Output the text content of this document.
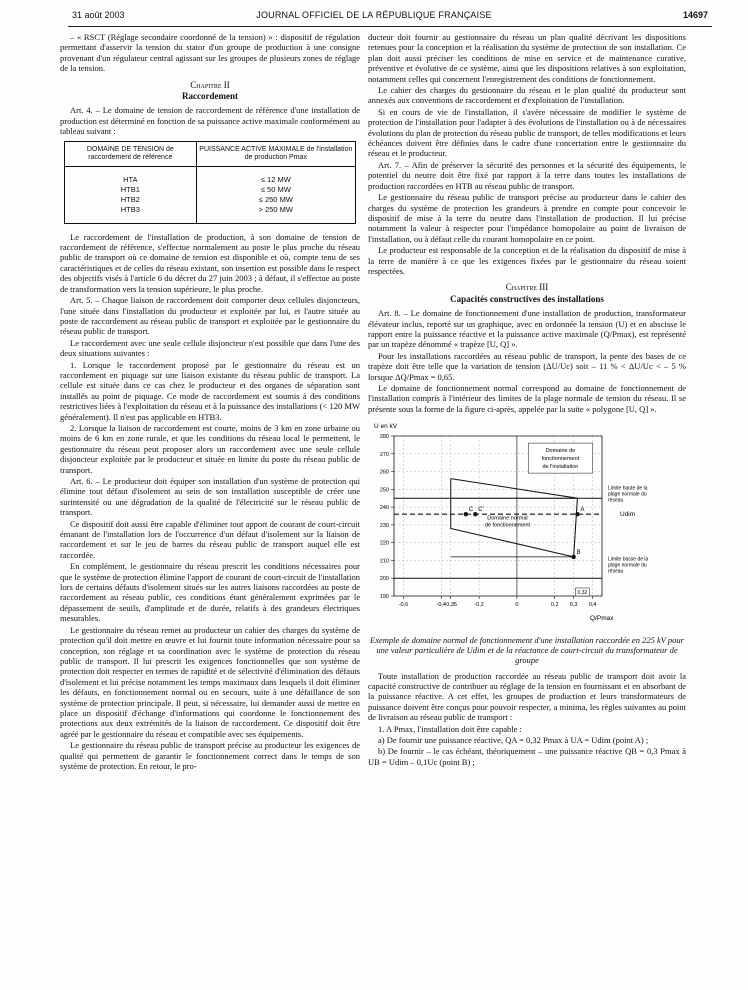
31 août 2003	JOURNAL OFFICIEL DE LA RÉPUBLIQUE FRANÇAISE	14697

– « RSCT (Réglage secondaire coordonné de la tension) » : dispositif de régulation permettant d'asservir la tension du stator d'un groupe de production à une consigne provenant d'un régulateur central agissant sur les groupes de plusieurs zones de réglage de la tension.

Chapitre II
Raccordement

Art. 4. – Le domaine de tension de raccordement de référence d'une installation de production est déterminé en fonction de sa puissance active maximale conformément au tableau suivant :

DOMAINE DE TENSION de raccordement de référence	PUISSANCE ACTIVE MAXIMALE de l'installation de production Pmax
HTA	≤ 12 MW
HTB1	≤ 50 MW
HTB2	≤ 250 MW
HTB3	> 250 MW

Le raccordement de l'installation de production, à son domaine de tension de raccordement de référence, s'effectue normalement au poste le plus proche du réseau public de transport où ce domaine de tension est disponible et où, compte tenu de ses caractéristiques et de celles du réseau existant, son insertion est possible dans le respect des objectifs visés à l'article 6 du décret du 27 juin 2003 ; à défaut, il s'effectue au poste de transformation vers la tension supérieure, le plus proche.

Art. 5. – Chaque liaison de raccordement doit comporter deux cellules disjoncteurs, l'une située dans l'installation du producteur et exploitée par lui, et l'autre située au poste de raccordement au réseau public de transport et exploitée par le gestionnaire du réseau public de transport.

Le raccordement avec une seule cellule disjoncteur n'est possible que dans l'une des deux situations suivantes :

1. Lorsque le raccordement proposé par le gestionnaire du réseau est un raccordement en piquage sur une liaison existante du réseau public de transport. La cellule est située dans ce cas chez le producteur et des organes de séparation sont installés au point de piquage. Ce mode de raccordement est soumis à des conditions restrictives liées à l'exploitation du réseau et à la puissance des installations (< 120 MW généralement). Il n'est pas applicable en HTB3.

2. Lorsque la liaison de raccordement est courte, moins de 3 km en zone urbaine ou moins de 6 km en zone rurale, et que les conditions du réseau local le permettent, le gestionnaire du réseau peut proposer alors un raccordement avec une seule cellule disjoncteur exploitée par le producteur et située en limite du poste du réseau public de transport.

Art. 6. – Le producteur doit équiper son installation d'un système de protection qui élimine tout défaut d'isolement au sein de son installation susceptible de créer une surintensité ou une dégradation de la qualité de l'électricité sur le réseau public de transport.

Ce dispositif doit aussi être capable d'éliminer tout apport de courant de court-circuit émanant de l'installation lors de l'occurrence d'un défaut d'isolement sur la liaison de raccordement et sur le jeu de barres du réseau public de transport auquel elle est raccordée.

En complément, le gestionnaire du réseau prescrit les conditions nécessaires pour que le système de protection élimine l'apport de courant de court-circuit de l'installation lors de certains défauts d'isolement situés sur les autres liaisons raccordées au poste de raccordement au réseau public, ces conditions étant généralement exprimées par le dépassement de seuils, d'amplitude et de durée, relatifs à des grandeurs électriques mesurables.

Le gestionnaire du réseau remet au producteur un cahier des charges du système de protection qu'il doit mettre en œuvre et lui fournit toute information nécessaire pour sa conception, son réglage et sa coordination avec le système de protection du réseau public de transport. Il lui prescrit les exigences fonctionnelles que son système de protection doit respecter en termes de rapidité et de sélectivité d'élimination des défauts d'isolement et lui précise notamment les temps maximaux dans lesquels il doit éliminer les défauts, en fonctionnement normal ou en secours, suite à une défaillance de son système de protection principale. Il peut, si nécessaire, lui demander aussi de mettre en place un dispositif d'échange d'informations qui coordonne le fonctionnement des protections aux deux extrémités de la liaison de raccordement. Ce dispositif doit être agréé par le gestionnaire du réseau et compatible avec ses équipements.

Le gestionnaire du réseau public de transport précise au producteur les exigences de qualité qui permettent de garantir le fonctionnement correct dans le temps de son système de protection. En retour, le pro-

ducteur doit fournir au gestionnaire du réseau un plan qualité décrivant les dispositions retenues pour la conception et la réalisation du système de protection de son installation. Ce plan doit aussi préciser les conditions de mise en service et de maintenance curative, préventive et évolutive de ce système, ainsi que les dispositions relatives à son exploitation, notamment celles qui concernent l'enregistrement des conditions de fonctionnement.

Le cahier des charges du gestionnaire du réseau et le plan qualité du producteur sont annexés aux conventions de raccordement et d'exploitation de l'installation.

Si en cours de vie de l'installation, il s'avère nécessaire de modifier le système de protection de l'installation pour l'adapter à des évolutions de l'installation ou à de nécessaires évolutions du plan de protection du réseau public de transport, de telles modifications et leurs échéances doivent être définies dans le cadre d'une concertation entre le gestionnaire du réseau et le producteur.

Art. 7. – Afin de préserver la sécurité des personnes et la sécurité des équipements, le potentiel du neutre doit être fixé par rapport à la terre dans toutes les installations de production raccordées en HTB au réseau public de transport.

Le gestionnaire du réseau public de transport précise au producteur dans le cahier des charges du système de protection les grandeurs à prendre en compte pour concevoir le dispositif de mise à la terre du neutre dans l'installation de production. Il lui précise notamment la valeur à respecter pour l'impédance homopolaire au point de livraison de l'installation, ou à défaut celle du courant homopolaire en ce point.

Le producteur est responsable de la conception et de la réalisation du dispositif de mise à la terre de manière à ce que les exigences fixées par le gestionnaire du réseau soient respectées.

Chapitre III
Capacités constructives des installations

Art. 8. – Le domaine de fonctionnement d'une installation de production, transformateur élévateur inclus, reporté sur un graphique, avec en ordonnée la tension (U) et en abscisse le rapport entre la puissance réactive et la puissance active maximale (Q/Pmax), est représenté par un trapèze dénommé « trapèze [U, Q] ».

Pour les installations raccordées au réseau public de transport, la pente des bases de ce trapèze doit être telle que la variation de tension (ΔU/Uc) soit – 11 % < ΔU/Uc < – 5 % lorsque ΔQ/Pmax = 0,65.

Le domaine de fonctionnement normal correspond au domaine de fonctionnement de l'installation compris à l'intérieur des limites de la plage normale de tension du réseau. Il se présente sous la forme de la figure ci-après, appelée par la suite « polygone [U, Q] ».

190
200
210
220
230
240
250
260
270
280
-0,6	-0,4
-0,35	-0,2	0	0,2 0,3 0,4
U en kV
Q/Pmax
A
B
C C'
0,32
Domaine de
fonctionnement
de l'installation
Domaine normal
de fonctionnement
Limite haute de la
plage normale du
réseau
Udim
Limite basse de la
plage normale du
réseau
Exemple de domaine normal de fonctionnement d'une installation raccordée en 225 kV pour une valeur particulière de Udim et de la réactance de court-circuit du transformateur de groupe

Toute installation de production raccordée au réseau public de transport doit avoir la capacité constructive de contribuer au réglage de la tension en fournissant et en absorbant de la puissance réactive. A cet effet, les groupes de production et leurs transformateurs de puissance doivent être conçus pour pouvoir respecter, a minima, les règles suivantes au point de livraison au réseau public de transport :

1. A Pmax, l'installation doit être capable :

a) De fournir une puissance réactive, QA = 0,32 Pmax à UA = Udim (point A) ;

b) De fournir – le cas échéant, théoriquement – une puissance réactive QB = 0,3 Pmax à UB = Udim – 0,1Uc (point B) ;
